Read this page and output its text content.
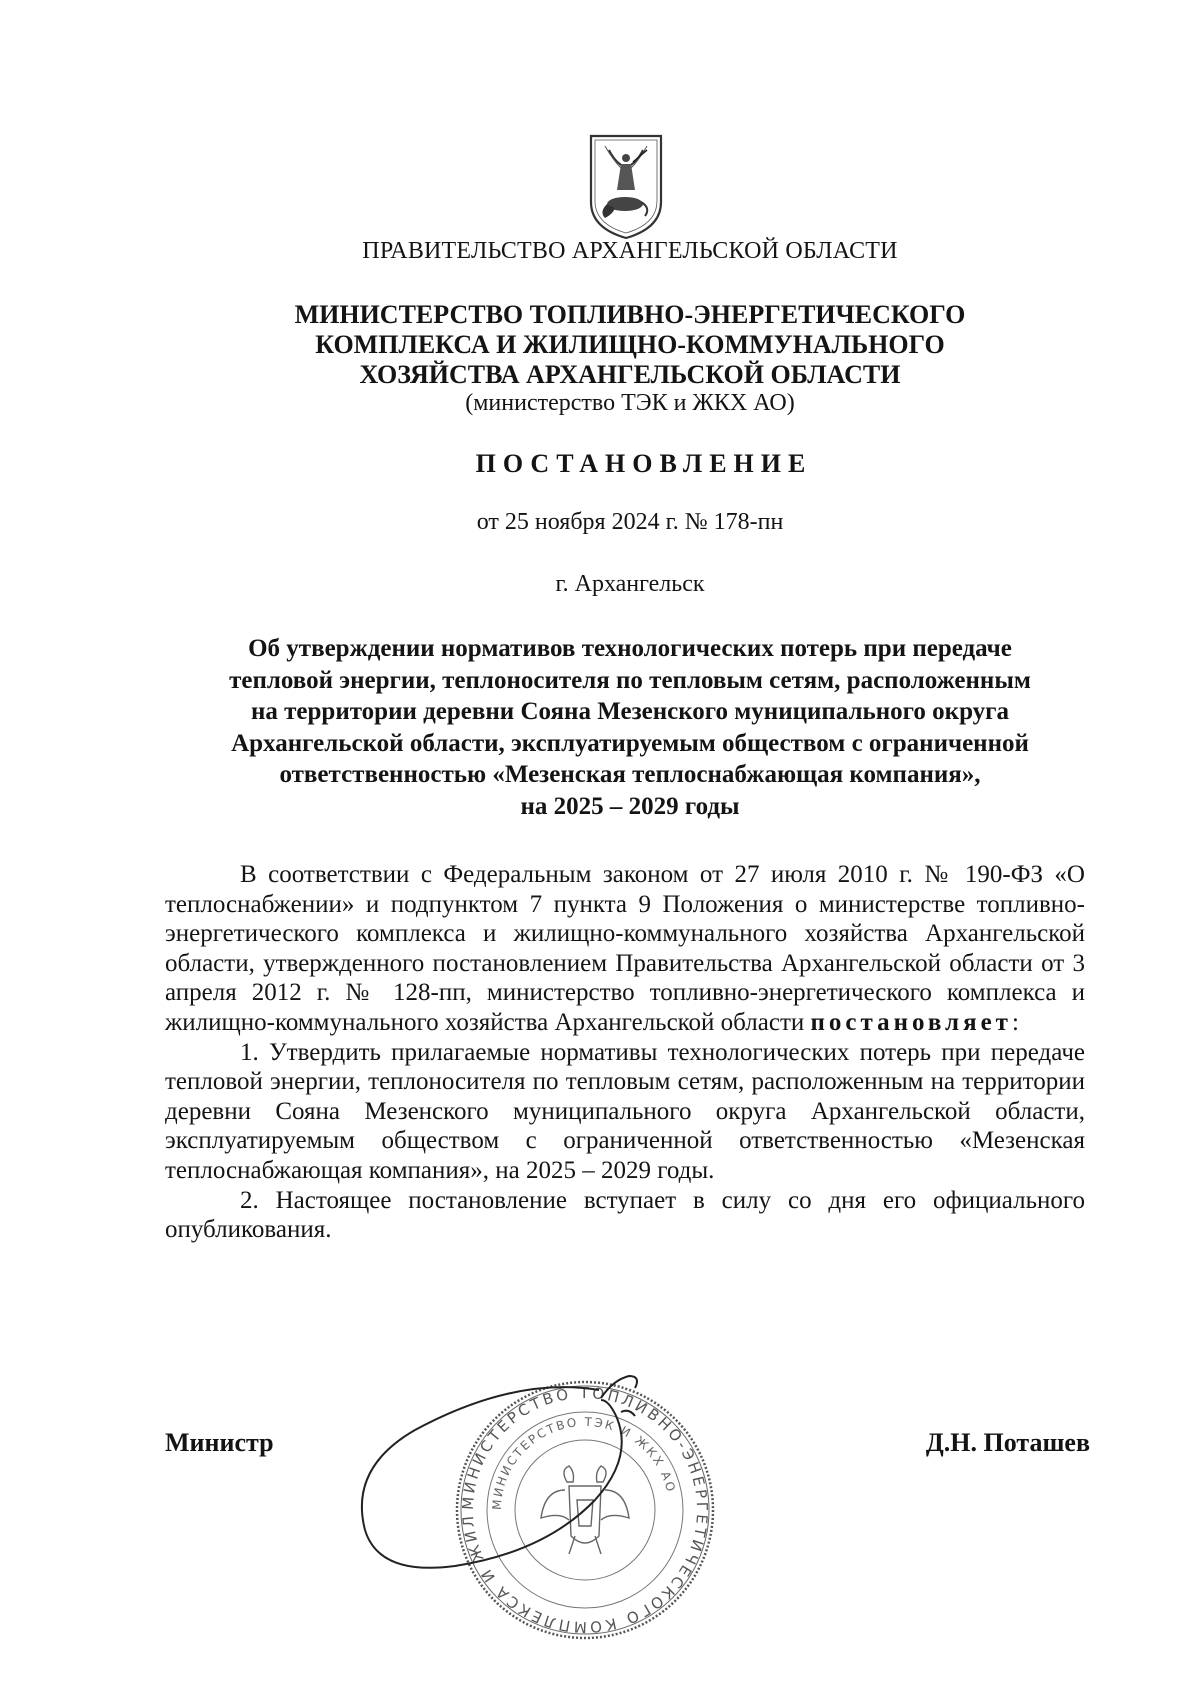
ПРАВИТЕЛЬСТВО АРХАНГЕЛЬСКОЙ ОБЛАСТИ
МИНИСТЕРСТВО ТОПЛИВНО-ЭНЕРГЕТИЧЕСКОГО
КОМПЛЕКСА И ЖИЛИЩНО-КОММУНАЛЬНОГО
ХОЗЯЙСТВА АРХАНГЕЛЬСКОЙ ОБЛАСТИ
(министерство ТЭК и ЖКХ АО)
ПОСТАНОВЛЕНИЕ
от 25 ноября 2024 г. № 178-пн
г. Архангельск
Об утверждении нормативов технологических потерь при передаче
тепловой энергии, теплоносителя по тепловым сетям, расположенным
на территории деревни Сояна Мезенского муниципального округа
Архангельской области, эксплуатируемым обществом с ограниченной
ответственностью «Мезенская теплоснабжающая компания»,
на 2025 – 2029 годы

В соответствии с Федеральным законом от 27 июля 2010 г. № 190-ФЗ «О теплоснабжении» и подпунктом 7 пункта 9 Положения о министерстве топливно-энергетического комплекса и жилищно-коммунального хозяйства Архангельской области, утвержденного постановлением Правительства Архангельской области от 3 апреля 2012 г. № 128-пп, министерство топливно-энергетического комплекса и жилищно-коммунального хозяйства Архангельской области постановляет:

1. Утвердить прилагаемые нормативы технологических потерь при передаче тепловой энергии, теплоносителя по тепловым сетям, расположенным на территории деревни Сояна Мезенского муниципального округа Архангельской области, эксплуатируемым обществом с ограниченной ответственностью «Мезенская теплоснабжающая компания», на 2025 – 2029 годы.

2. Настоящее постановление вступает в силу со дня его официального опубликования.

МИНИСТЕРСТВО ТОПЛИВНО-ЭНЕРГЕТИЧЕСКОГО КОМПЛЕКСА И ЖИЛ
МИНИСТЕРСТВО ТЭК И ЖКХ АО
Министр	Д.Н. Поташев
